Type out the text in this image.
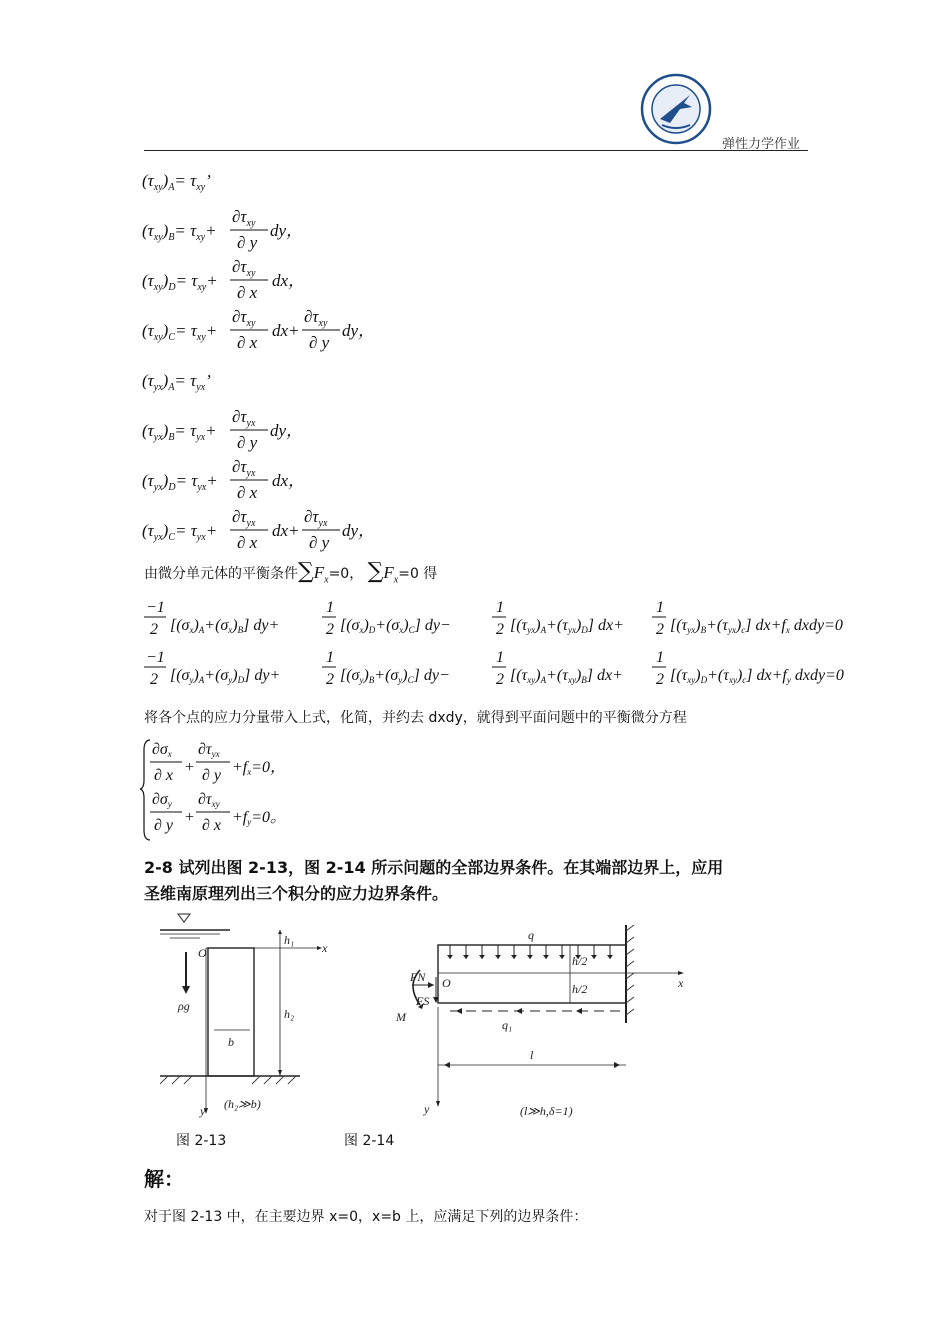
弹性力学作业
$(\tau_{xy})_A= \tau_{xy}$’
$(\tau_{xy})_B= \tau_{xy}+$
$\partial\tau_{xy}$
∂ y
dy，
$(\tau_{xy})_D= \tau_{xy}+$
$\partial\tau_{xy}$
∂ x
dx，
$(\tau_{xy})_C= \tau_{xy}+$
$\partial\tau_{xy}$
∂ x
dx+
$\partial\tau_{xy}$
∂ y
dy，
$(\tau_{yx})_A= \tau_{yx}$’
$(\tau_{yx})_B= \tau_{yx}+$
$\partial\tau_{yx}$
∂ y
dy，
$(\tau_{yx})_D= \tau_{yx}+$
$\partial\tau_{yx}$
∂ x
dx，
$(\tau_{yx})_C= \tau_{yx}+$
$\partial\tau_{yx}$
∂ x
dx+
$\partial\tau_{yx}$
∂ y
dy，
由微分单元体的平衡条件$\sum F_x=0$， $\sum F_x=0$ 得
−1
2 [(σx)A+(σx)B] dy+
1
2 [(σx)D+(σx)C] dy−
1
2 [(τyx)A+(τyx)D] dx+
1
2 [(τyx)B+(τyx)c] dx+fx dxdy=0
−1
2 [(σy)A+(σy)D] dy+
1
2 [(σy)B+(σy)C] dy−
1
2 [(τxy)A+(τxy)B] dx+
1
2 [(τxy)D+(τxy)c] dx+fy dxdy=0
将各个点的应力分量带入上式，化简，并约去 dxdy，就得到平面问题中的平衡微分方程
∂σx
∂ x +
∂τyx
∂ y +fx=0，
∂σy
∂ y +
∂τxy
∂ x +fy=0。
2-8 试列出图 2-13，图 2-14 所示问题的全部边界条件。在其端部边界上，应用
圣维南原理列出三个积分的应力边界条件。
O	x
y
h₁
h₂
b
ρg
(h₂≫b)
q
O	x
y
FN
FS
M
h/2
h/2
q₁
l
(l≫h,δ=1)
图 2-13	图 2-14
解：
对于图 2-13 中，在主要边界 x=0，x=b 上，应满足下列的边界条件：
